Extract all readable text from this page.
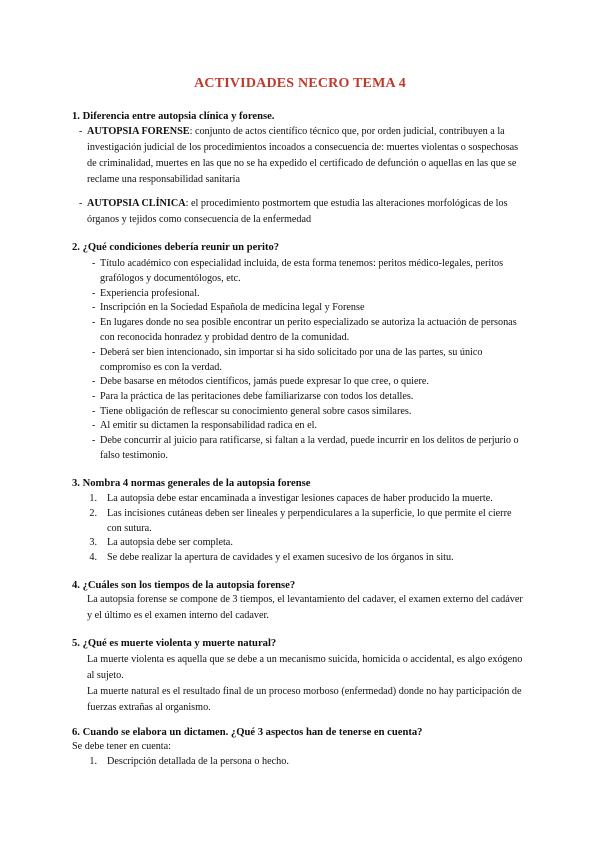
ACTIVIDADES NECRO TEMA 4
1. Diferencia entre autopsia clínica y forense.
- AUTOPSIA FORENSE: conjunto de actos científico técnico que, por orden judicial, contribuyen a la investigación judicial de los procedimientos incoados a consecuencia de: muertes violentas o sospechosas de criminalidad, muertes en las que no se ha expedido el certificado de defunción o aquellas en las que se reclame una responsabilidad sanitaria
- AUTOPSIA CLÍNICA: el procedimiento postmortem que estudia las alteraciones morfológicas de los órganos y tejidos como consecuencia de la enfermedad
2. ¿Qué condiciones debería reunir un perito?
- Título académico con especialidad incluida, de esta forma tenemos: peritos médico-legales, peritos grafólogos y documentólogos, etc.
- Experiencia profesional.
- Inscripción en la Sociedad Española de medicina legal y Forense
- En lugares donde no sea posible encontrar un perito especializado se autoriza la actuación de personas con reconocida honradez y probidad dentro de la comunidad.
- Deberá ser bien intencionado, sin importar si ha sido solicitado por una de las partes, su único compromiso es con la verdad.
- Debe basarse en métodos científicos, jamás puede expresar lo que cree, o quiere.
- Para la práctica de las peritaciones debe familiarizarse con todos los detalles.
- Tiene obligación de reflescar su conocimiento general sobre casos similares.
- Al emitir su dictamen la responsabilidad radica en el.
- Debe concurrir al juicio para ratificarse, si faltan a la verdad, puede incurrir en los delitos de perjurio o falso testimonio.
3. Nombra 4 normas generales de la autopsia forense
1. La autopsia debe estar encaminada a investigar lesiones capaces de haber producido la muerte.
2. Las incisiones cutáneas deben ser lineales y perpendiculares a la superficie, lo que permite el cierre con sutura.
3. La autopsia debe ser completa.
4. Se debe realizar la apertura de cavidades y el examen sucesivo de los órganos in situ.
4. ¿Cuáles son los tiempos de la autopsia forense?
La autopsia forense se compone de 3 tiempos, el levantamiento del cadaver, el examen externo del cadáver y el último es el examen interno del cadaver.
5. ¿Qué es muerte violenta y muerte natural?
La muerte violenta es aquella que se debe a un mecanismo suicida, homicida o accidental, es algo exógeno al sujeto.
La muerte natural es el resultado final de un proceso morboso (enfermedad) donde no hay participación de fuerzas extrañas al organismo.
6. Cuando se elabora un dictamen. ¿Qué 3 aspectos han de tenerse en cuenta?
Se debe tener en cuenta:
1. Descripción detallada de la persona o hecho.
